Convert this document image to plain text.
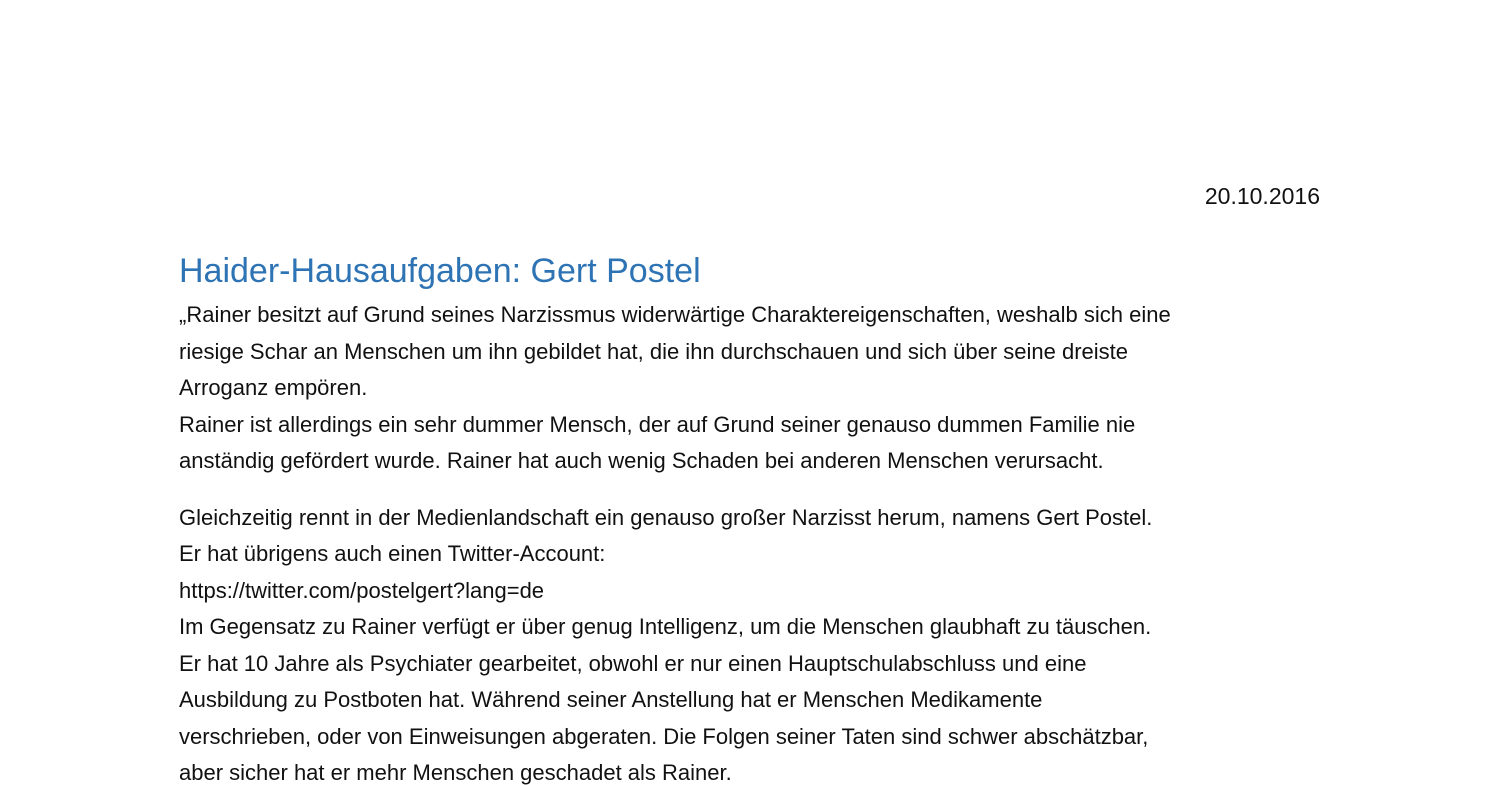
20.10.2016
Haider-Hausaufgaben: Gert Postel

„Rainer besitzt auf Grund seines Narzissmus widerwärtige Charaktereigenschaften, weshalb sich eine
riesige Schar an Menschen um ihn gebildet hat, die ihn durchschauen und sich über seine dreiste
Arroganz empören.

Rainer ist allerdings ein sehr dummer Mensch, der auf Grund seiner genauso dummen Familie nie
anständig gefördert wurde. Rainer hat auch wenig Schaden bei anderen Menschen verursacht.

Gleichzeitig rennt in der Medienlandschaft ein genauso großer Narzisst herum, namens Gert Postel.
Er hat übrigens auch einen Twitter-Account:
https://twitter.com/postelgert?lang=de
Im Gegensatz zu Rainer verfügt er über genug Intelligenz, um die Menschen glaubhaft zu täuschen.
Er hat 10 Jahre als Psychiater gearbeitet, obwohl er nur einen Hauptschulabschluss und eine
Ausbildung zu Postboten hat. Während seiner Anstellung hat er Menschen Medikamente
verschrieben, oder von Einweisungen abgeraten. Die Folgen seiner Taten sind schwer abschätzbar,
aber sicher hat er mehr Menschen geschadet als Rainer.
